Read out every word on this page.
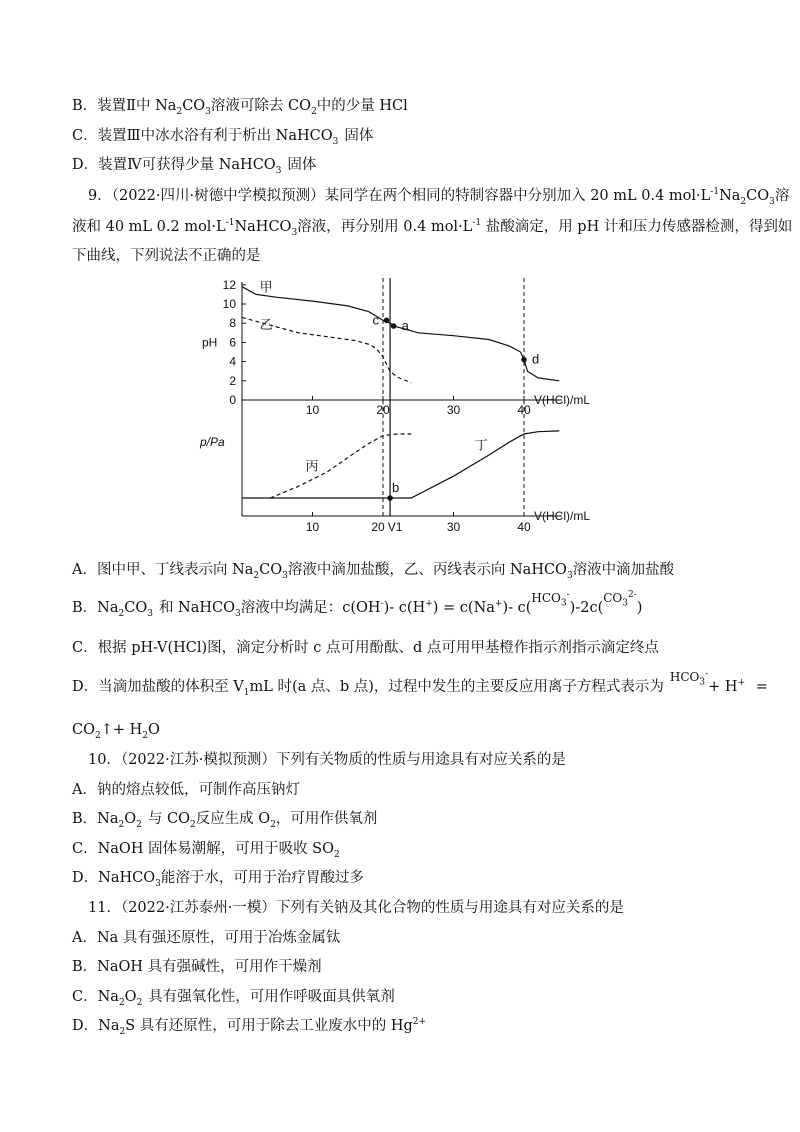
B．装置Ⅱ中 $Na_2CO_3$溶液可除去 $CO_2$中的少量 HCl
C．装置Ⅲ中冰水浴有利于析出 NaHCO$_3$ 固体
D．装置Ⅳ可获得少量 NaHCO$_3$ 固体
9．（2022·四川·树德中学模拟预测）某同学在两个相同的特制容器中分别加入 20 mL 0.4 $mol\cdot L^{-1}Na_2CO_3$溶
液和 40 mL 0.2 $mol\cdot L^{-1}NaHCO_3$溶液，再分别用 0.4 $mol\cdot L^{-1}$ 盐酸滴定，用 pH 计和压力传感器检测，得到如
下曲线，下列说法不正确的是
0
2
4
6
8
10
12
pH
10	20	30	40
V(HCl)/mL
甲
乙	c a
d
p/Pa
10	20 V1	30	40
V(HCl)/mL
丙
丁
b
A．图中甲、丁线表示向 $Na_2CO_3$溶液中滴加盐酸，乙、丙线表示向 NaHCO$_3$溶液中滴加盐酸
B．$Na_2CO_3$ 和 NaHCO$_3$溶液中均满足：c(OH-)- c(H+) = c(Na+)- $c(HCO_3^-)-2c(CO_3^{2-})$
C．根据 pH-V(HCl)图，滴定分析时 c 点可用酚酞、d 点可用甲基橙作指示剂指示滴定终点
D．当滴加盐酸的体积至 $V_1mL$ 时(a 点、b 点)，过程中发生的主要反应用离子方程式表示为$HCO_3^-+ H^+$ =
$CO_2↑+ H_2O$
10．（2022·江苏·模拟预测）下列有关物质的性质与用途具有对应关系的是
A．钠的熔点较低，可制作高压钠灯
B．$Na_2O_2$ 与 $CO_2$反应生成 $O_2$，可用作供氧剂
C．NaOH 固体易潮解，可用于吸收 $SO_2$
D．NaHCO$_3$能溶于水，可用于治疗胃酸过多
11．（2022·江苏泰州·一模）下列有关钠及其化合物的性质与用途具有对应关系的是
A．Na 具有强还原性，可用于冶炼金属钛
B．NaOH 具有强碱性，可用作干燥剂
C．$Na_2O_2$ 具有强氧化性，可用作呼吸面具供氧剂
D．$Na_2S$ 具有还原性，可用于除去工业废水中的 $Hg^{2+}$
